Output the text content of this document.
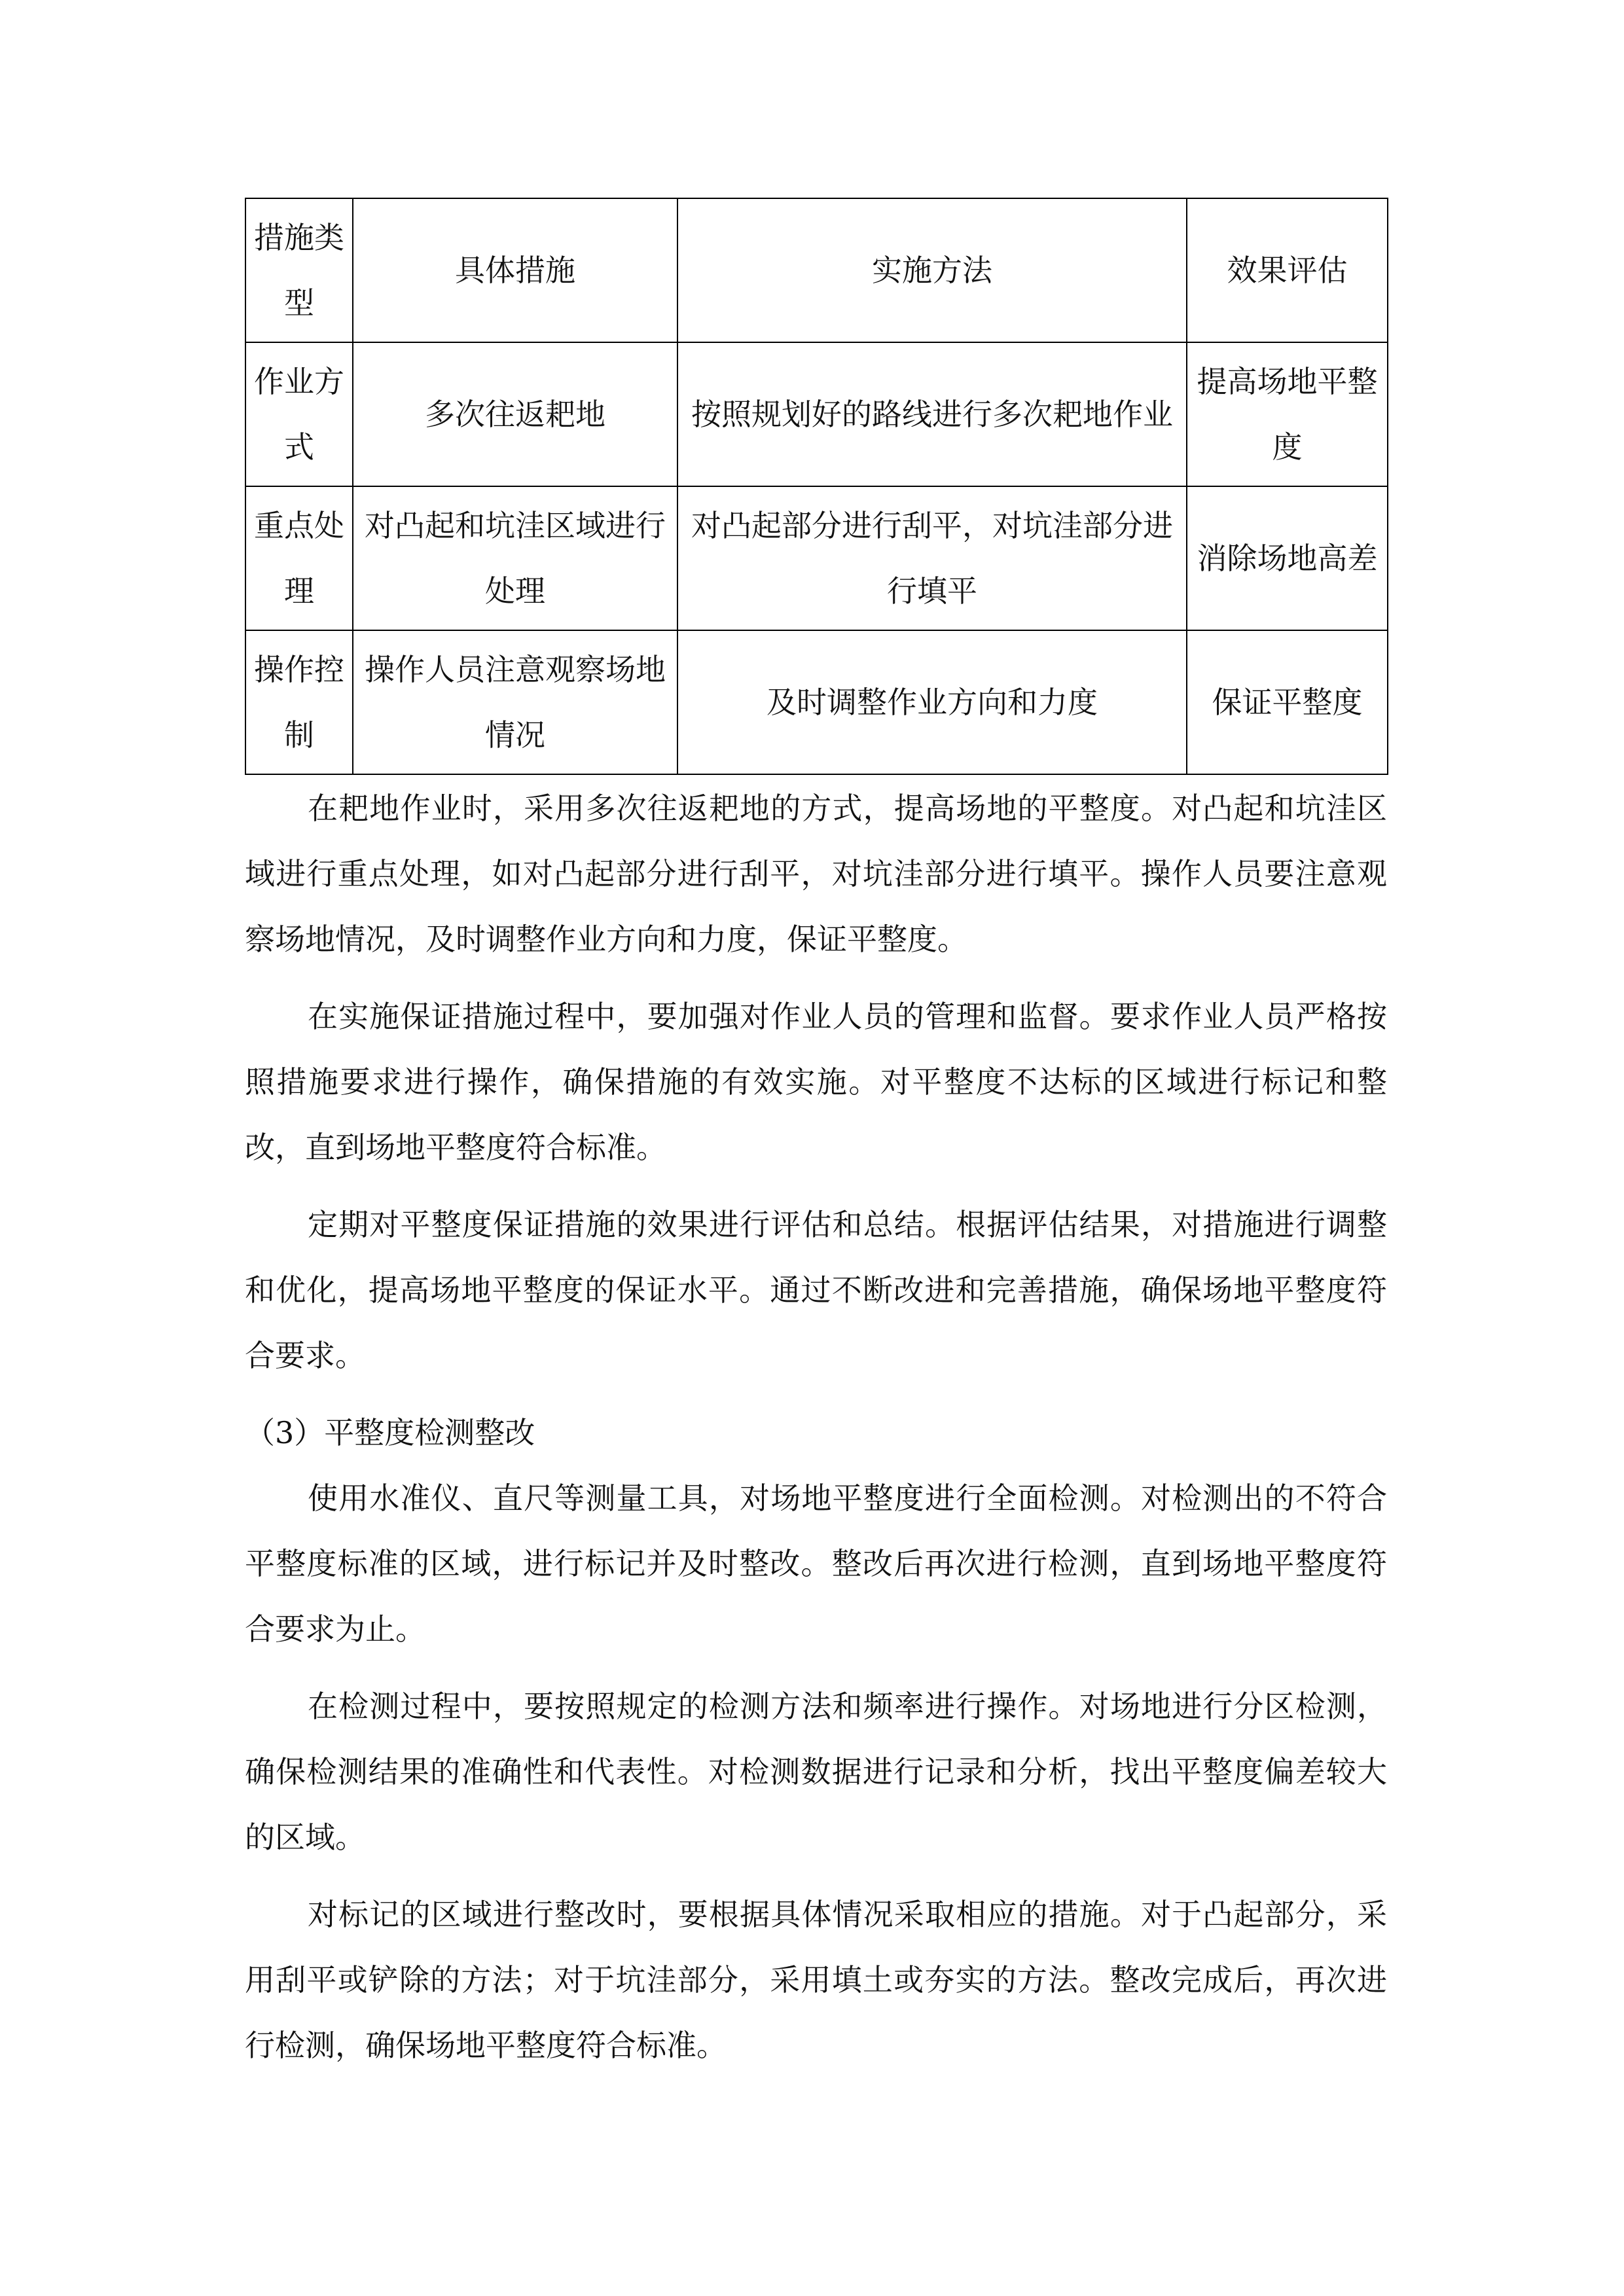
措施类型	具体措施	实施方法	效果评估
作业方式	多次往返耙地	按照规划好的路线进行多次耙地作业	提高场地平整度
重点处理	对凸起和坑洼区域进行处理	对凸起部分进行刮平，对坑洼部分进行填平	消除场地高差
操作控制	操作人员注意观察场地情况	及时调整作业方向和力度	保证平整度

在耙地作业时，采用多次往返耙地的方式，提高场地的平整度。对凸起和坑洼区域进行重点处理，如对凸起部分进行刮平，对坑洼部分进行填平。操作人员要注意观察场地情况，及时调整作业方向和力度，保证平整度。

在实施保证措施过程中，要加强对作业人员的管理和监督。要求作业人员严格按照措施要求进行操作，确保措施的有效实施。对平整度不达标的区域进行标记和整改，直到场地平整度符合标准。

定期对平整度保证措施的效果进行评估和总结。根据评估结果，对措施进行调整和优化，提高场地平整度的保证水平。通过不断改进和完善措施，确保场地平整度符合要求。

（3）平整度检测整改

使用水准仪、直尺等测量工具，对场地平整度进行全面检测。对检测出的不符合平整度标准的区域，进行标记并及时整改。整改后再次进行检测，直到场地平整度符合要求为止。

在检测过程中，要按照规定的检测方法和频率进行操作。对场地进行分区检测，确保检测结果的准确性和代表性。对检测数据进行记录和分析，找出平整度偏差较大的区域。

对标记的区域进行整改时，要根据具体情况采取相应的措施。对于凸起部分，采用刮平或铲除的方法；对于坑洼部分，采用填土或夯实的方法。整改完成后，再次进行检测，确保场地平整度符合标准。
